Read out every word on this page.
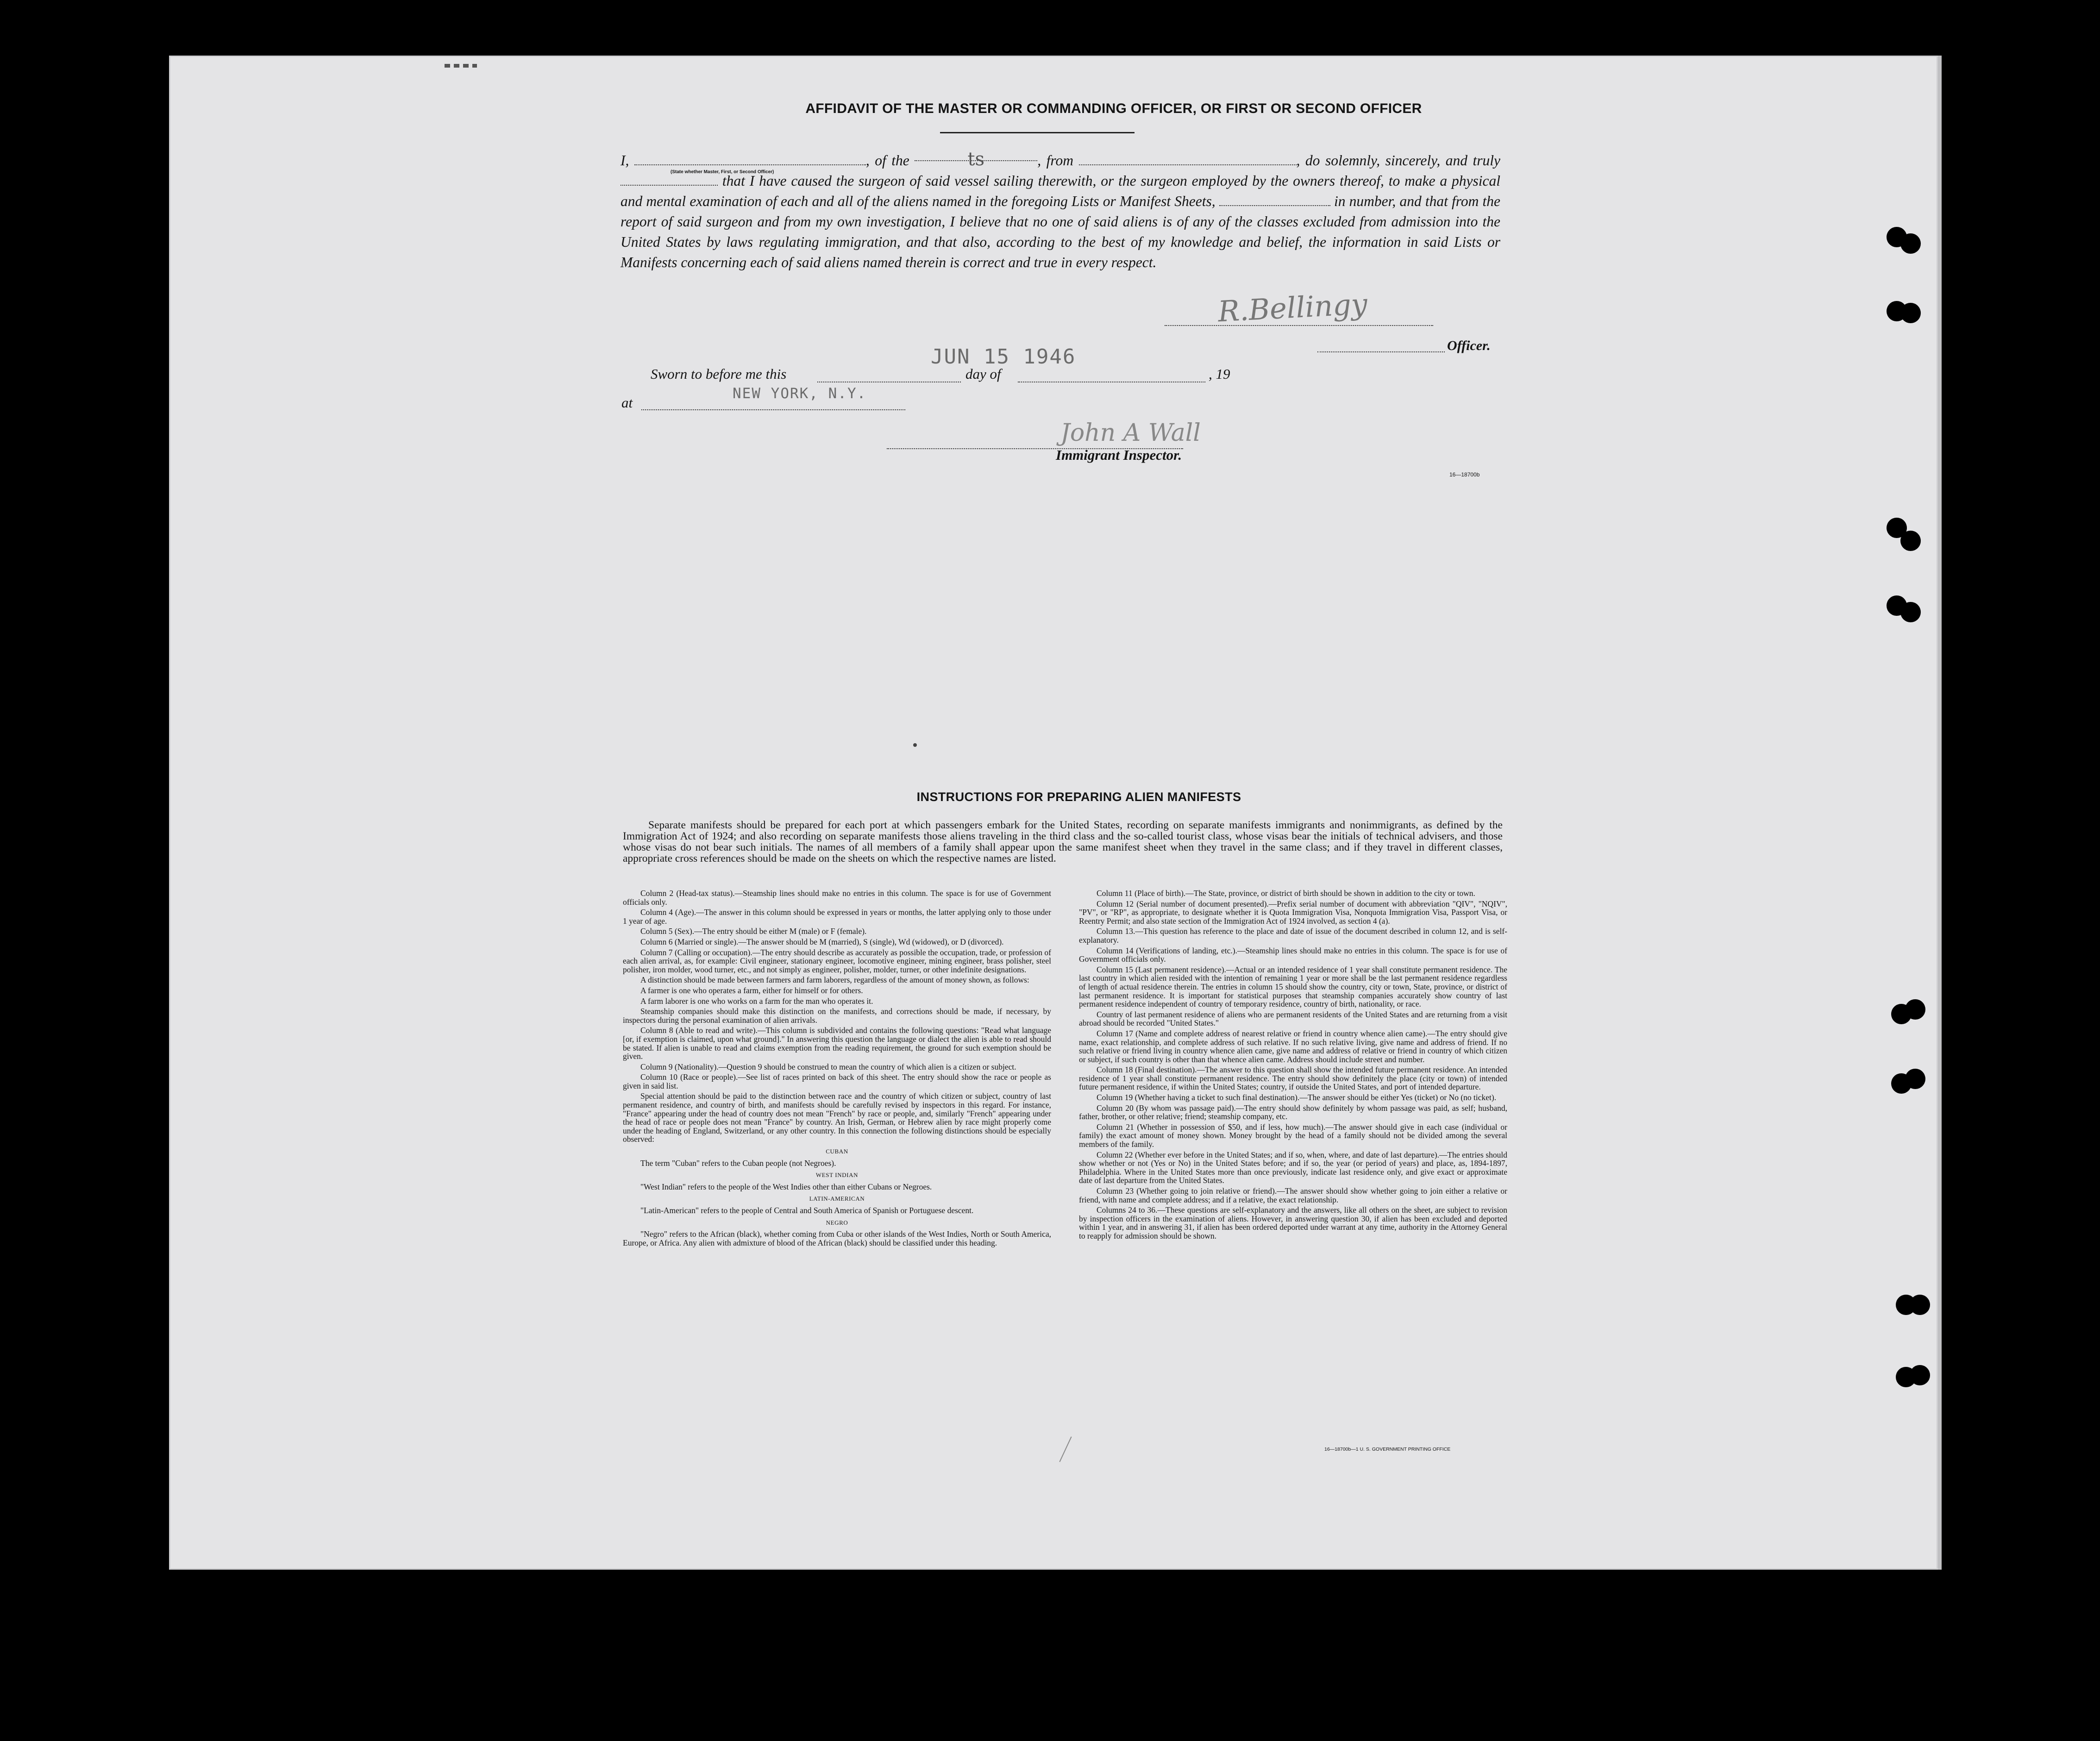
AFFIDAVIT OF THE MASTER OR COMMANDING OFFICER, OR FIRST OR SECOND OFFICER
I,	, of the	ts	, from	, do solemnly, sincerely, and truly  that I have caused the surgeon of said vessel sailing therewith, or the surgeon employed by the owners thereof, to make a physical and mental examination of each and all of the aliens named in the foregoing Lists or Manifest Sheets,	in number, and that from the report of said surgeon and from my own investigation, I believe that no one of said aliens is of any of the classes excluded from admission into the United States by laws regulating immigration, and that also, according to the best of my knowledge and belief, the information in said Lists or Manifests concerning each of said aliens named therein is correct and true in every respect.
(State whether Master, First, or Second Officer)
R.Bellingy
Officer.
JUN 15 1946
Sworn to before me this	day of	, 19
NEW YORK, N.Y.
at
John A Wall
Immigrant Inspector.
16—18700b
INSTRUCTIONS FOR PREPARING ALIEN MANIFESTS
Separate manifests should be prepared for each port at which passengers embark for the United States, recording on separate manifests immigrants and nonimmigrants, as defined by the Immigration Act of 1924; and also recording on separate manifests those aliens traveling in the third class and the so-called tourist class, whose visas bear the initials of technical advisers, and those whose visas do not bear such initials. The names of all members of a family shall appear upon the same manifest sheet when they travel in the same class; and if they travel in different classes, appropriate cross references should be made on the sheets on which the respective names are listed.

Column 2 (Head-tax status).—Steamship lines should make no entries in this column. The space is for use of Government officials only.

Column 4 (Age).—The answer in this column should be expressed in years or months, the latter applying only to those under 1 year of age.

Column 5 (Sex).—The entry should be either M (male) or F (female).

Column 6 (Married or single).—The answer should be M (married), S (single), Wd (widowed), or D (divorced).

Column 7 (Calling or occupation).—The entry should describe as accurately as possible the occupation, trade, or profession of each alien arrival, as, for example: Civil engineer, stationary engineer, locomotive engineer, mining engineer, brass polisher, steel polisher, iron molder, wood turner, etc., and not simply as engineer, polisher, molder, turner, or other indefinite designations.

A distinction should be made between farmers and farm laborers, regardless of the amount of money shown, as follows:

A farmer is one who operates a farm, either for himself or for others.

A farm laborer is one who works on a farm for the man who operates it.

Steamship companies should make this distinction on the manifests, and corrections should be made, if necessary, by inspectors during the personal examination of alien arrivals.

Column 8 (Able to read and write).—This column is subdivided and contains the following questions: "Read what language [or, if exemption is claimed, upon what ground]." In answering this question the language or dialect the alien is able to read should be stated. If alien is unable to read and claims exemption from the reading requirement, the ground for such exemption should be given.

Column 9 (Nationality).—Question 9 should be construed to mean the country of which alien is a citizen or subject.

Column 10 (Race or people).—See list of races printed on back of this sheet. The entry should show the race or people as given in said list.

Special attention should be paid to the distinction between race and the country of which citizen or subject, country of last permanent residence, and country of birth, and manifests should be carefully revised by inspectors in this regard. For instance, "France" appearing under the head of country does not mean "French" by race or people, and, similarly "French" appearing under the head of race or people does not mean "France" by country. An Irish, German, or Hebrew alien by race might properly come under the heading of England, Switzerland, or any other country. In this connection the following distinctions should be especially observed:

CUBAN

The term "Cuban" refers to the Cuban people (not Negroes).

WEST INDIAN

"West Indian" refers to the people of the West Indies other than either Cubans or Negroes.

LATIN-AMERICAN

"Latin-American" refers to the people of Central and South America of Spanish or Portuguese descent.

NEGRO

"Negro" refers to the African (black), whether coming from Cuba or other islands of the West Indies, North or South America, Europe, or Africa. Any alien with admixture of blood of the African (black) should be classified under this heading.

Column 11 (Place of birth).—The State, province, or district of birth should be shown in addition to the city or town.

Column 12 (Serial number of document presented).—Prefix serial number of document with abbreviation "QIV", "NQIV", "PV", or "RP", as appropriate, to designate whether it is Quota Immigration Visa, Nonquota Immigration Visa, Passport Visa, or Reentry Permit; and also state section of the Immigration Act of 1924 involved, as section 4 (a).

Column 13.—This question has reference to the place and date of issue of the document described in column 12, and is self-explanatory.

Column 14 (Verifications of landing, etc.).—Steamship lines should make no entries in this column. The space is for use of Government officials only.

Column 15 (Last permanent residence).—Actual or an intended residence of 1 year shall constitute permanent residence. The last country in which alien resided with the intention of remaining 1 year or more shall be the last permanent residence regardless of length of actual residence therein. The entries in column 15 should show the country, city or town, State, province, or district of last permanent residence. It is important for statistical purposes that steamship companies accurately show country of last permanent residence independent of country of temporary residence, country of birth, nationality, or race.

Country of last permanent residence of aliens who are permanent residents of the United States and are returning from a visit abroad should be recorded "United States."

Column 17 (Name and complete address of nearest relative or friend in country whence alien came).—The entry should give name, exact relationship, and complete address of such relative. If no such relative living, give name and address of friend. If no such relative or friend living in country whence alien came, give name and address of relative or friend in country of which citizen or subject, if such country is other than that whence alien came. Address should include street and number.

Column 18 (Final destination).—The answer to this question shall show the intended future permanent residence. An intended residence of 1 year shall constitute permanent residence. The entry should show definitely the place (city or town) of intended future permanent residence, if within the United States; country, if outside the United States, and port of intended departure.

Column 19 (Whether having a ticket to such final destination).—The answer should be either Yes (ticket) or No (no ticket).

Column 20 (By whom was passage paid).—The entry should show definitely by whom passage was paid, as self; husband, father, brother, or other relative; friend; steamship company, etc.

Column 21 (Whether in possession of $50, and if less, how much).—The answer should give in each case (individual or family) the exact amount of money shown. Money brought by the head of a family should not be divided among the several members of the family.

Column 22 (Whether ever before in the United States; and if so, when, where, and date of last departure).—The entries should show whether or not (Yes or No) in the United States before; and if so, the year (or period of years) and place, as, 1894-1897, Philadelphia. Where in the United States more than once previously, indicate last residence only, and give exact or approximate date of last departure from the United States.

Column 23 (Whether going to join relative or friend).—The answer should show whether going to join either a relative or friend, with name and complete address; and if a relative, the exact relationship.

Columns 24 to 36.—These questions are self-explanatory and the answers, like all others on the sheet, are subject to revision by inspection officers in the examination of aliens. However, in answering question 30, if alien has been excluded and deported within 1 year, and in answering 31, if alien has been ordered deported under warrant at any time, authority in the Attorney General to reapply for admission should be shown.

16—18700b—1 U. S. GOVERNMENT PRINTING OFFICE
